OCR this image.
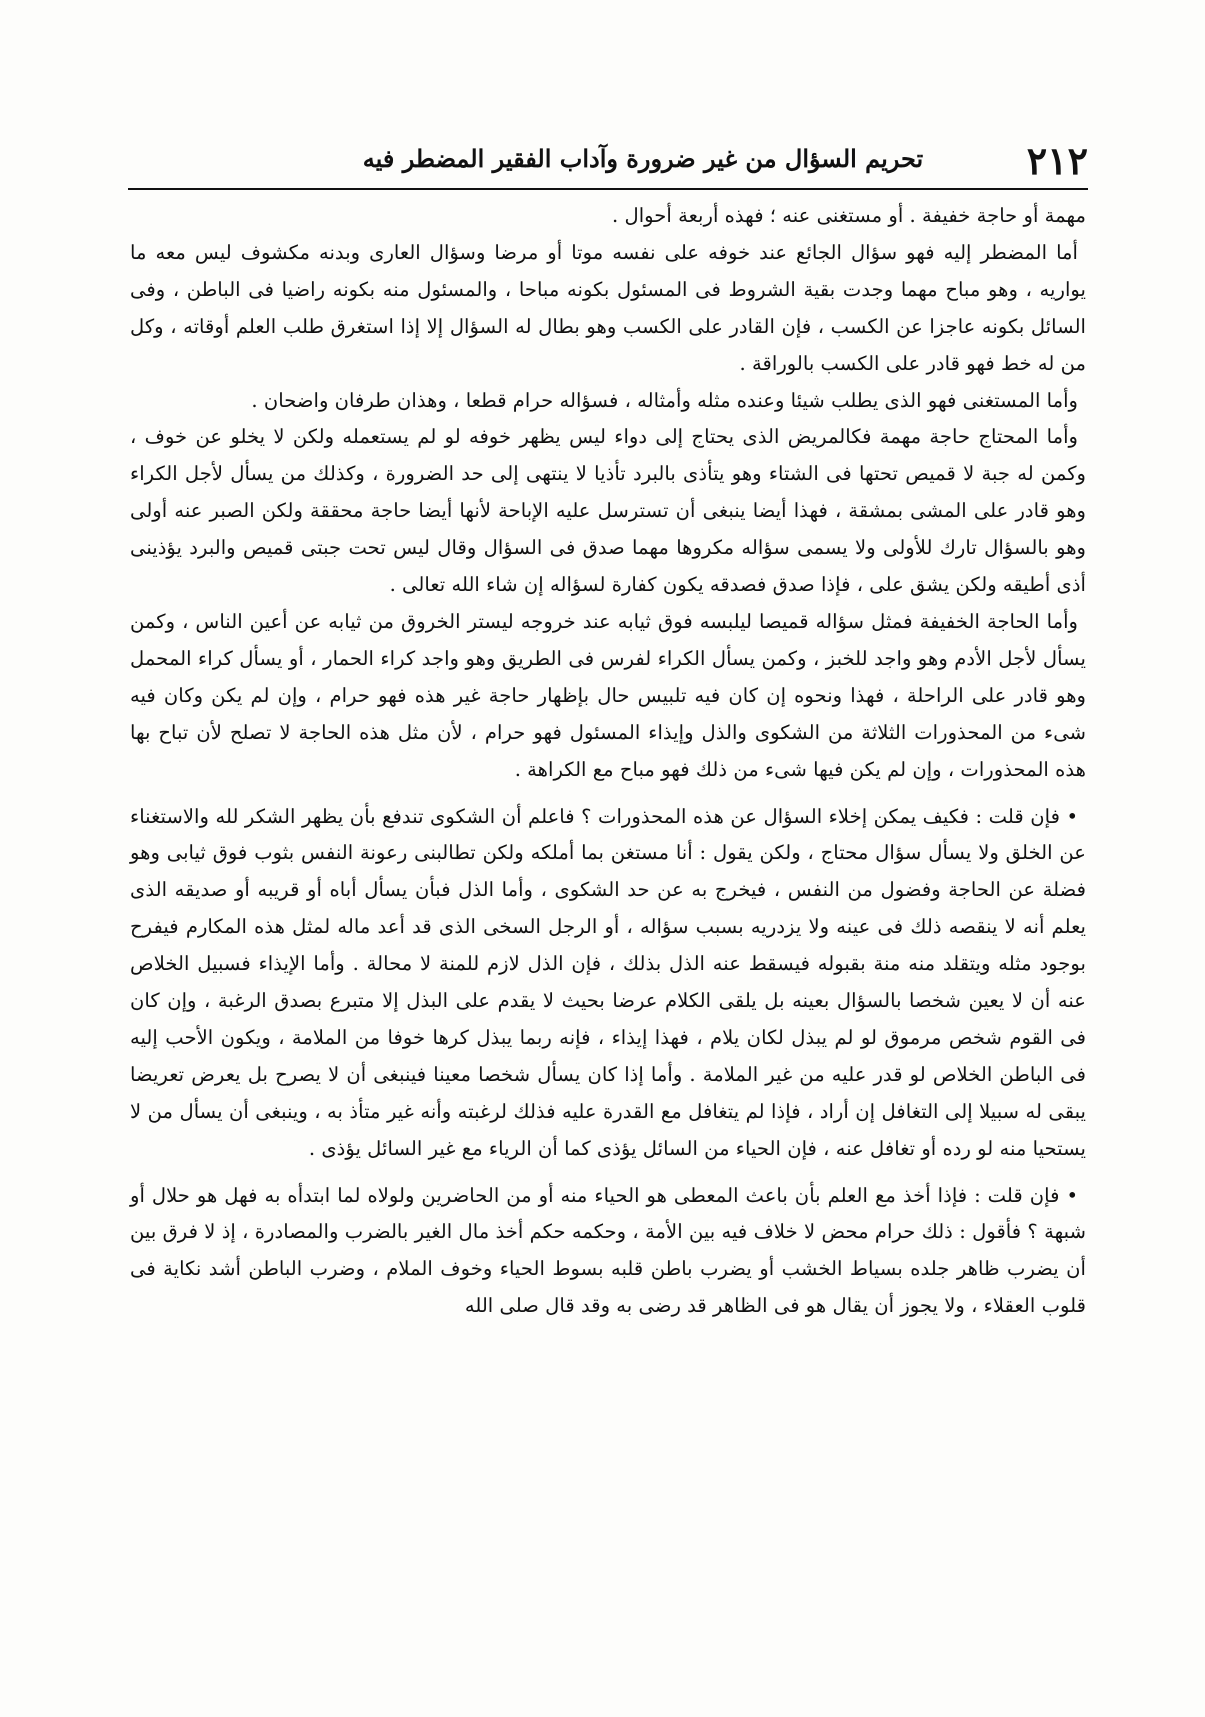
٢١٢
تحريم السؤال من غير ضرورة وآداب الفقير المضطر فيه

مهمة أو حاجة خفيفة . أو مستغنى عنه ؛ فهذه أربعة أحوال .

أما المضطر إليه فهو سؤال الجائع عند خوفه على نفسه موتا أو مرضا وسؤال العارى وبدنه مكشوف ليس معه ما يواريه ، وهو مباح مهما وجدت بقية الشروط فى المسئول بكونه مباحا ، والمسئول منه بكونه راضيا فى الباطن ، وفى السائل بكونه عاجزا عن الكسب ، فإن القادر على الكسب وهو بطال له السؤال إلا إذا استغرق طلب العلم أوقاته ، وكل من له خط فهو قادر على الكسب بالوراقة .

وأما المستغنى فهو الذى يطلب شيئا وعنده مثله وأمثاله ، فسؤاله حرام قطعا ، وهذان طرفان واضحان .

وأما المحتاج حاجة مهمة فكالمريض الذى يحتاج إلى دواء ليس يظهر خوفه لو لم يستعمله ولكن لا يخلو عن خوف ، وكمن له جبة لا قميص تحتها فى الشتاء وهو يتأذى بالبرد تأذيا لا ينتهى إلى حد الضرورة ، وكذلك من يسأل لأجل الكراء وهو قادر على المشى بمشقة ، فهذا أيضا ينبغى أن تسترسل عليه الإباحة لأنها أيضا حاجة محققة ولكن الصبر عنه أولى وهو بالسؤال تارك للأولى ولا يسمى سؤاله مكروها مهما صدق فى السؤال وقال ليس تحت جبتى قميص والبرد يؤذينى أذى أطيقه ولكن يشق على ، فإذا صدق فصدقه يكون كفارة لسؤاله إن شاء الله تعالى .

وأما الحاجة الخفيفة فمثل سؤاله قميصا ليلبسه فوق ثيابه عند خروجه ليستر الخروق من ثيابه عن أعين الناس ، وكمن يسأل لأجل الأدم وهو واجد للخبز ، وكمن يسأل الكراء لفرس فى الطريق وهو واجد كراء الحمار ، أو يسأل كراء المحمل وهو قادر على الراحلة ، فهذا ونحوه إن كان فيه تلبيس حال بإظهار حاجة غير هذه فهو حرام ، وإن لم يكن وكان فيه شىء من المحذورات الثلاثة من الشكوى والذل وإيذاء المسئول فهو حرام ، لأن مثل هذه الحاجة لا تصلح لأن تباح بها هذه المحذورات ، وإن لم يكن فيها شىء من ذلك فهو مباح مع الكراهة .

• فإن قلت : فكيف يمكن إخلاء السؤال عن هذه المحذورات ؟ فاعلم أن الشكوى تندفع بأن يظهر الشكر لله والاستغناء عن الخلق ولا يسأل سؤال محتاج ، ولكن يقول : أنا مستغن بما أملكه ولكن تطالبنى رعونة النفس بثوب فوق ثيابى وهو فضلة عن الحاجة وفضول من النفس ، فيخرج به عن حد الشكوى ، وأما الذل فبأن يسأل أباه أو قريبه أو صديقه الذى يعلم أنه لا ينقصه ذلك فى عينه ولا يزدريه بسبب سؤاله ، أو الرجل السخى الذى قد أعد ماله لمثل هذه المكارم فيفرح بوجود مثله ويتقلد منه منة بقبوله فيسقط عنه الذل بذلك ، فإن الذل لازم للمنة لا محالة . وأما الإيذاء فسبيل الخلاص عنه أن لا يعين شخصا بالسؤال بعينه بل يلقى الكلام عرضا بحيث لا يقدم على البذل إلا متبرع بصدق الرغبة ، وإن كان فى القوم شخص مرموق لو لم يبذل لكان يلام ، فهذا إيذاء ، فإنه ربما يبذل كرها خوفا من الملامة ، ويكون الأحب إليه فى الباطن الخلاص لو قدر عليه من غير الملامة . وأما إذا كان يسأل شخصا معينا فينبغى أن لا يصرح بل يعرض تعريضا يبقى له سبيلا إلى التغافل إن أراد ، فإذا لم يتغافل مع القدرة عليه فذلك لرغبته وأنه غير متأذ به ، وينبغى أن يسأل من لا يستحيا منه لو رده أو تغافل عنه ، فإن الحياء من السائل يؤذى كما أن الرياء مع غير السائل يؤذى .

• فإن قلت : فإذا أخذ مع العلم بأن باعث المعطى هو الحياء منه أو من الحاضرين ولولاه لما ابتدأه به فهل هو حلال أو شبهة ؟ فأقول : ذلك حرام محض لا خلاف فيه بين الأمة ، وحكمه حكم أخذ مال الغير بالضرب والمصادرة ، إذ لا فرق بين أن يضرب ظاهر جلده بسياط الخشب أو يضرب باطن قلبه بسوط الحياء وخوف الملام ، وضرب الباطن أشد نكاية فى قلوب العقلاء ، ولا يجوز أن يقال هو فى الظاهر قد رضى به وقد قال صلى الله
